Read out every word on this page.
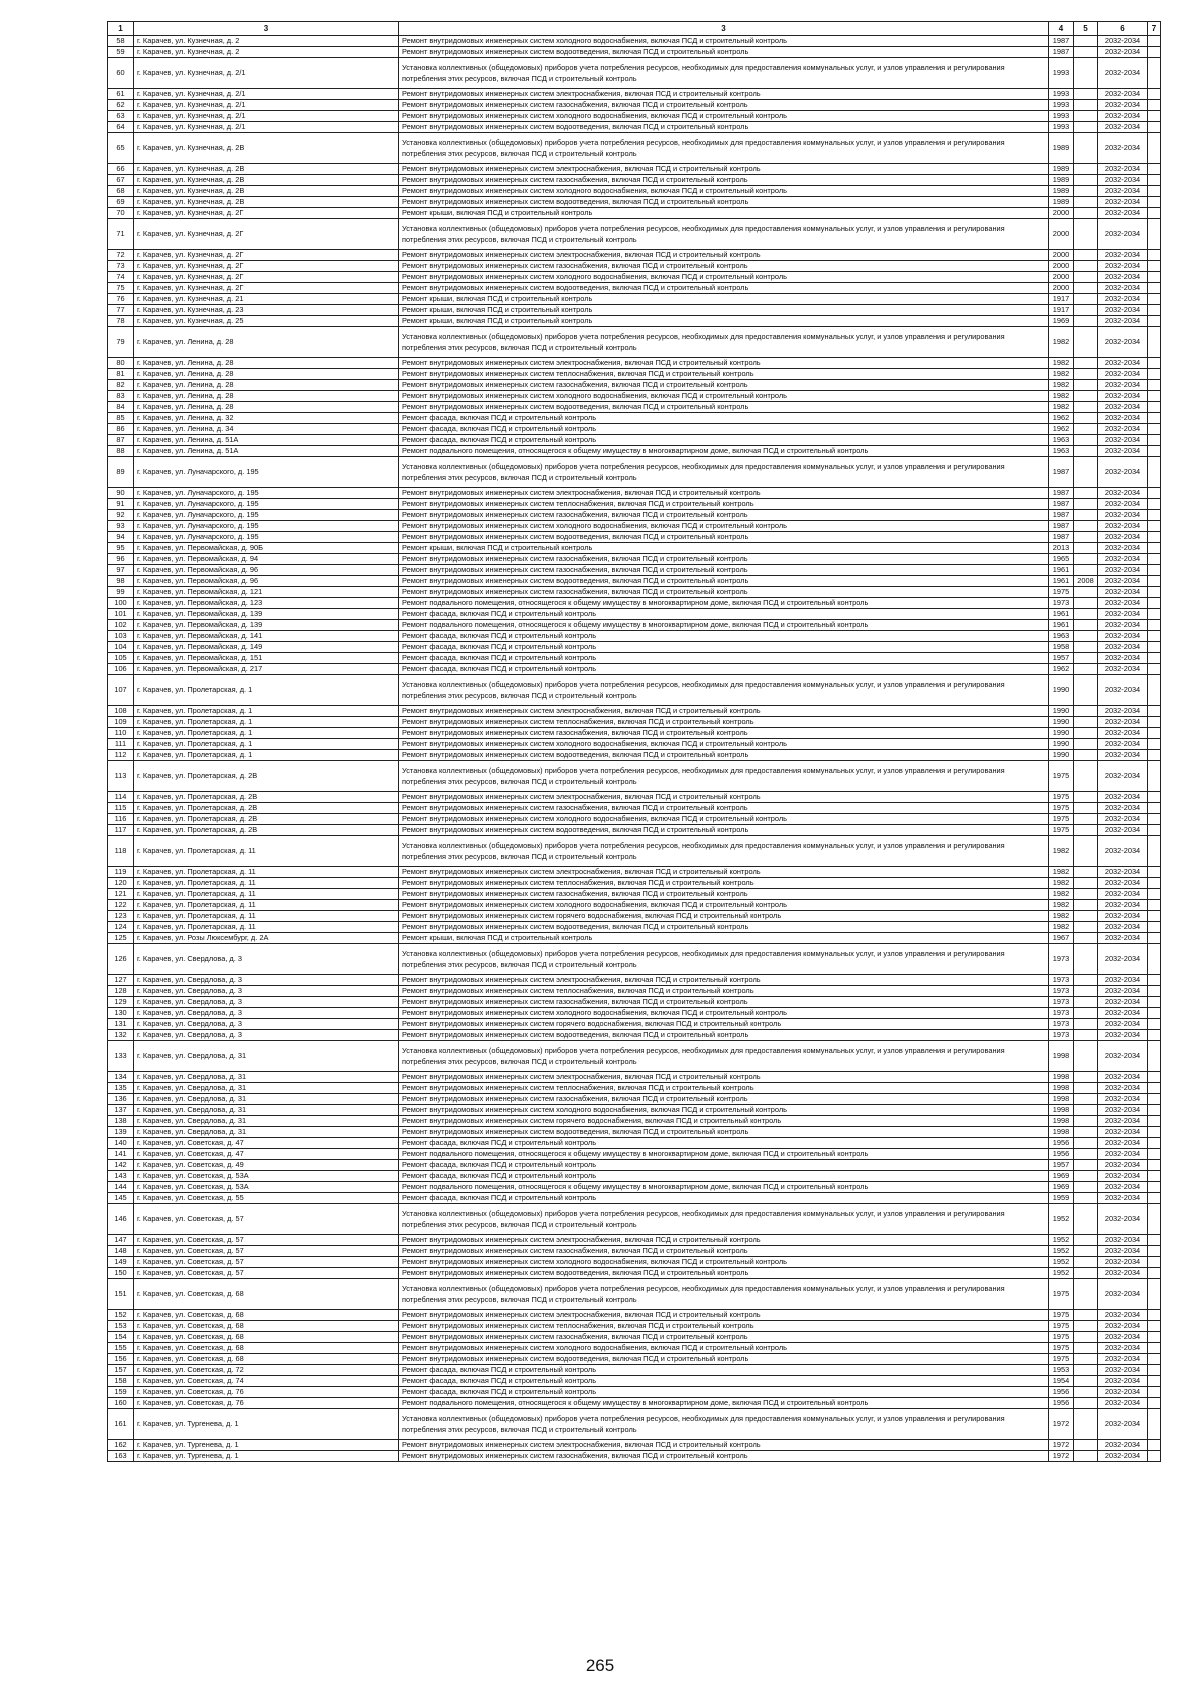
1	3	3	4	5	6	7
58	г. Карачев, ул. Кузнечная, д. 2	Ремонт внутридомовых инженерных систем холодного водоснабжения, включая ПСД и строительный контроль	1987		2032-2034	
59	г. Карачев, ул. Кузнечная, д. 2	Ремонт внутридомовых инженерных систем водоотведения, включая ПСД и строительный контроль	1987		2032-2034	
60	г. Карачев, ул. Кузнечная, д. 2/1	Установка коллективных (общедомовых) приборов учета потребления ресурсов, необходимых для предоставления коммунальных услуг, и узлов управления и регулирования потребления этих ресурсов, включая ПСД и строительный контроль	1993		2032-2034	
61	г. Карачев, ул. Кузнечная, д. 2/1	Ремонт внутридомовых инженерных систем электроснабжения, включая ПСД и строительный контроль	1993		2032-2034	
62	г. Карачев, ул. Кузнечная, д. 2/1	Ремонт внутридомовых инженерных систем газоснабжения, включая ПСД и строительный контроль	1993		2032-2034	
63	г. Карачев, ул. Кузнечная, д. 2/1	Ремонт внутридомовых инженерных систем холодного водоснабжения, включая ПСД и строительный контроль	1993		2032-2034	
64	г. Карачев, ул. Кузнечная, д. 2/1	Ремонт внутридомовых инженерных систем водоотведения, включая ПСД и строительный контроль	1993		2032-2034	
65	г. Карачев, ул. Кузнечная, д. 2В	Установка коллективных (общедомовых) приборов учета потребления ресурсов, необходимых для предоставления коммунальных услуг, и узлов управления и регулирования потребления этих ресурсов, включая ПСД и строительный контроль	1989		2032-2034	
66	г. Карачев, ул. Кузнечная, д. 2В	Ремонт внутридомовых инженерных систем электроснабжения, включая ПСД и строительный контроль	1989		2032-2034	
67	г. Карачев, ул. Кузнечная, д. 2В	Ремонт внутридомовых инженерных систем газоснабжения, включая ПСД и строительный контроль	1989		2032-2034	
68	г. Карачев, ул. Кузнечная, д. 2В	Ремонт внутридомовых инженерных систем холодного водоснабжения, включая ПСД и строительный контроль	1989		2032-2034	
69	г. Карачев, ул. Кузнечная, д. 2В	Ремонт внутридомовых инженерных систем водоотведения, включая ПСД и строительный контроль	1989		2032-2034	
70	г. Карачев, ул. Кузнечная, д. 2Г	Ремонт крыши, включая ПСД и строительный контроль	2000		2032-2034	
71	г. Карачев, ул. Кузнечная, д. 2Г	Установка коллективных (общедомовых) приборов учета потребления ресурсов, необходимых для предоставления коммунальных услуг, и узлов управления и регулирования потребления этих ресурсов, включая ПСД и строительный контроль	2000		2032-2034	
72	г. Карачев, ул. Кузнечная, д. 2Г	Ремонт внутридомовых инженерных систем электроснабжения, включая ПСД и строительный контроль	2000		2032-2034	
73	г. Карачев, ул. Кузнечная, д. 2Г	Ремонт внутридомовых инженерных систем газоснабжения, включая ПСД и строительный контроль	2000		2032-2034	
74	г. Карачев, ул. Кузнечная, д. 2Г	Ремонт внутридомовых инженерных систем холодного водоснабжения, включая ПСД и строительный контроль	2000		2032-2034	
75	г. Карачев, ул. Кузнечная, д. 2Г	Ремонт внутридомовых инженерных систем водоотведения, включая ПСД и строительный контроль	2000		2032-2034	
76	г. Карачев, ул. Кузнечная, д. 21	Ремонт крыши, включая ПСД и строительный контроль	1917		2032-2034	
77	г. Карачев, ул. Кузнечная, д. 23	Ремонт крыши, включая ПСД и строительный контроль	1917		2032-2034	
78	г. Карачев, ул. Кузнечная, д. 25	Ремонт крыши, включая ПСД и строительный контроль	1969		2032-2034	
79	г. Карачев, ул. Ленина, д. 28	Установка коллективных (общедомовых) приборов учета потребления ресурсов, необходимых для предоставления коммунальных услуг, и узлов управления и регулирования потребления этих ресурсов, включая ПСД и строительный контроль	1982		2032-2034	
80	г. Карачев, ул. Ленина, д. 28	Ремонт внутридомовых инженерных систем электроснабжения, включая ПСД и строительный контроль	1982		2032-2034	
81	г. Карачев, ул. Ленина, д. 28	Ремонт внутридомовых инженерных систем теплоснабжения, включая ПСД и строительный контроль	1982		2032-2034	
82	г. Карачев, ул. Ленина, д. 28	Ремонт внутридомовых инженерных систем газоснабжения, включая ПСД и строительный контроль	1982		2032-2034	
83	г. Карачев, ул. Ленина, д. 28	Ремонт внутридомовых инженерных систем холодного водоснабжения, включая ПСД и строительный контроль	1982		2032-2034	
84	г. Карачев, ул. Ленина, д. 28	Ремонт внутридомовых инженерных систем водоотведения, включая ПСД и строительный контроль	1982		2032-2034	
85	г. Карачев, ул. Ленина, д. 32	Ремонт фасада, включая ПСД и строительный контроль	1962		2032-2034	
86	г. Карачев, ул. Ленина, д. 34	Ремонт фасада, включая ПСД и строительный контроль	1962		2032-2034	
87	г. Карачев, ул. Ленина, д. 51А	Ремонт фасада, включая ПСД и строительный контроль	1963		2032-2034	
88	г. Карачев, ул. Ленина, д. 51А	Ремонт подвального помещения, относящегося к общему имуществу в многоквартирном доме, включая ПСД и строительный контроль	1963		2032-2034	
89	г. Карачев, ул. Луначарского, д. 195	Установка коллективных (общедомовых) приборов учета потребления ресурсов, необходимых для предоставления коммунальных услуг, и узлов управления и регулирования потребления этих ресурсов, включая ПСД и строительный контроль	1987		2032-2034	
90	г. Карачев, ул. Луначарского, д. 195	Ремонт внутридомовых инженерных систем электроснабжения, включая ПСД и строительный контроль	1987		2032-2034	
91	г. Карачев, ул. Луначарского, д. 195	Ремонт внутридомовых инженерных систем теплоснабжения, включая ПСД и строительный контроль	1987		2032-2034	
92	г. Карачев, ул. Луначарского, д. 195	Ремонт внутридомовых инженерных систем газоснабжения, включая ПСД и строительный контроль	1987		2032-2034	
93	г. Карачев, ул. Луначарского, д. 195	Ремонт внутридомовых инженерных систем холодного водоснабжения, включая ПСД и строительный контроль	1987		2032-2034	
94	г. Карачев, ул. Луначарского, д. 195	Ремонт внутридомовых инженерных систем водоотведения, включая ПСД и строительный контроль	1987		2032-2034	
95	г. Карачев, ул. Первомайская, д. 90Б	Ремонт крыши, включая ПСД и строительный контроль	2013		2032-2034	
96	г. Карачев, ул. Первомайская, д. 94	Ремонт внутридомовых инженерных систем газоснабжения, включая ПСД и строительный контроль	1965		2032-2034	
97	г. Карачев, ул. Первомайская, д. 96	Ремонт внутридомовых инженерных систем газоснабжения, включая ПСД и строительный контроль	1961		2032-2034	
98	г. Карачев, ул. Первомайская, д. 96	Ремонт внутридомовых инженерных систем водоотведения, включая ПСД и строительный контроль	1961	2008	2032-2034	
99	г. Карачев, ул. Первомайская, д. 121	Ремонт внутридомовых инженерных систем газоснабжения, включая ПСД и строительный контроль	1975		2032-2034	
100	г. Карачев, ул. Первомайская, д. 123	Ремонт подвального помещения, относящегося к общему имуществу в многоквартирном доме, включая ПСД и строительный контроль	1973		2032-2034	
101	г. Карачев, ул. Первомайская, д. 139	Ремонт фасада, включая ПСД и строительный контроль	1961		2032-2034	
102	г. Карачев, ул. Первомайская, д. 139	Ремонт подвального помещения, относящегося к общему имуществу в многоквартирном доме, включая ПСД и строительный контроль	1961		2032-2034	
103	г. Карачев, ул. Первомайская, д. 141	Ремонт фасада, включая ПСД и строительный контроль	1963		2032-2034	
104	г. Карачев, ул. Первомайская, д. 149	Ремонт фасада, включая ПСД и строительный контроль	1958		2032-2034	
105	г. Карачев, ул. Первомайская, д. 151	Ремонт фасада, включая ПСД и строительный контроль	1957		2032-2034	
106	г. Карачев, ул. Первомайская, д. 217	Ремонт фасада, включая ПСД и строительный контроль	1962		2032-2034	
107	г. Карачев, ул. Пролетарская, д. 1	Установка коллективных (общедомовых) приборов учета потребления ресурсов, необходимых для предоставления коммунальных услуг, и узлов управления и регулирования потребления этих ресурсов, включая ПСД и строительный контроль	1990		2032-2034	
108	г. Карачев, ул. Пролетарская, д. 1	Ремонт внутридомовых инженерных систем электроснабжения, включая ПСД и строительный контроль	1990		2032-2034	
109	г. Карачев, ул. Пролетарская, д. 1	Ремонт внутридомовых инженерных систем теплоснабжения, включая ПСД и строительный контроль	1990		2032-2034	
110	г. Карачев, ул. Пролетарская, д. 1	Ремонт внутридомовых инженерных систем газоснабжения, включая ПСД и строительный контроль	1990		2032-2034	
111	г. Карачев, ул. Пролетарская, д. 1	Ремонт внутридомовых инженерных систем холодного водоснабжения, включая ПСД и строительный контроль	1990		2032-2034	
112	г. Карачев, ул. Пролетарская, д. 1	Ремонт внутридомовых инженерных систем водоотведения, включая ПСД и строительный контроль	1990		2032-2034	
113	г. Карачев, ул. Пролетарская, д. 2В	Установка коллективных (общедомовых) приборов учета потребления ресурсов, необходимых для предоставления коммунальных услуг, и узлов управления и регулирования потребления этих ресурсов, включая ПСД и строительный контроль	1975		2032-2034	
114	г. Карачев, ул. Пролетарская, д. 2В	Ремонт внутридомовых инженерных систем электроснабжения, включая ПСД и строительный контроль	1975		2032-2034	
115	г. Карачев, ул. Пролетарская, д. 2В	Ремонт внутридомовых инженерных систем газоснабжения, включая ПСД и строительный контроль	1975		2032-2034	
116	г. Карачев, ул. Пролетарская, д. 2В	Ремонт внутридомовых инженерных систем холодного водоснабжения, включая ПСД и строительный контроль	1975		2032-2034	
117	г. Карачев, ул. Пролетарская, д. 2В	Ремонт внутридомовых инженерных систем водоотведения, включая ПСД и строительный контроль	1975		2032-2034	
118	г. Карачев, ул. Пролетарская, д. 11	Установка коллективных (общедомовых) приборов учета потребления ресурсов, необходимых для предоставления коммунальных услуг, и узлов управления и регулирования потребления этих ресурсов, включая ПСД и строительный контроль	1982		2032-2034	
119	г. Карачев, ул. Пролетарская, д. 11	Ремонт внутридомовых инженерных систем электроснабжения, включая ПСД и строительный контроль	1982		2032-2034	
120	г. Карачев, ул. Пролетарская, д. 11	Ремонт внутридомовых инженерных систем теплоснабжения, включая ПСД и строительный контроль	1982		2032-2034	
121	г. Карачев, ул. Пролетарская, д. 11	Ремонт внутридомовых инженерных систем газоснабжения, включая ПСД и строительный контроль	1982		2032-2034	
122	г. Карачев, ул. Пролетарская, д. 11	Ремонт внутридомовых инженерных систем холодного водоснабжения, включая ПСД и строительный контроль	1982		2032-2034	
123	г. Карачев, ул. Пролетарская, д. 11	Ремонт внутридомовых инженерных систем горячего водоснабжения, включая ПСД и строительный контроль	1982		2032-2034	
124	г. Карачев, ул. Пролетарская, д. 11	Ремонт внутридомовых инженерных систем водоотведения, включая ПСД и строительный контроль	1982		2032-2034	
125	г. Карачев, ул. Розы Люксембург, д. 2А	Ремонт крыши, включая ПСД и строительный контроль	1967		2032-2034	
126	г. Карачев, ул. Свердлова, д. 3	Установка коллективных (общедомовых) приборов учета потребления ресурсов, необходимых для предоставления коммунальных услуг, и узлов управления и регулирования потребления этих ресурсов, включая ПСД и строительный контроль	1973		2032-2034	
127	г. Карачев, ул. Свердлова, д. 3	Ремонт внутридомовых инженерных систем электроснабжения, включая ПСД и строительный контроль	1973		2032-2034	
128	г. Карачев, ул. Свердлова, д. 3	Ремонт внутридомовых инженерных систем теплоснабжения, включая ПСД и строительный контроль	1973		2032-2034	
129	г. Карачев, ул. Свердлова, д. 3	Ремонт внутридомовых инженерных систем газоснабжения, включая ПСД и строительный контроль	1973		2032-2034	
130	г. Карачев, ул. Свердлова, д. 3	Ремонт внутридомовых инженерных систем холодного водоснабжения, включая ПСД и строительный контроль	1973		2032-2034	
131	г. Карачев, ул. Свердлова, д. 3	Ремонт внутридомовых инженерных систем горячего водоснабжения, включая ПСД и строительный контроль	1973		2032-2034	
132	г. Карачев, ул. Свердлова, д. 3	Ремонт внутридомовых инженерных систем водоотведения, включая ПСД и строительный контроль	1973		2032-2034	
133	г. Карачев, ул. Свердлова, д. 31	Установка коллективных (общедомовых) приборов учета потребления ресурсов, необходимых для предоставления коммунальных услуг, и узлов управления и регулирования потребления этих ресурсов, включая ПСД и строительный контроль	1998		2032-2034	
134	г. Карачев, ул. Свердлова, д. 31	Ремонт внутридомовых инженерных систем электроснабжения, включая ПСД и строительный контроль	1998		2032-2034	
135	г. Карачев, ул. Свердлова, д. 31	Ремонт внутридомовых инженерных систем теплоснабжения, включая ПСД и строительный контроль	1998		2032-2034	
136	г. Карачев, ул. Свердлова, д. 31	Ремонт внутридомовых инженерных систем газоснабжения, включая ПСД и строительный контроль	1998		2032-2034	
137	г. Карачев, ул. Свердлова, д. 31	Ремонт внутридомовых инженерных систем холодного водоснабжения, включая ПСД и строительный контроль	1998		2032-2034	
138	г. Карачев, ул. Свердлова, д. 31	Ремонт внутридомовых инженерных систем горячего водоснабжения, включая ПСД и строительный контроль	1998		2032-2034	
139	г. Карачев, ул. Свердлова, д. 31	Ремонт внутридомовых инженерных систем водоотведения, включая ПСД и строительный контроль	1998		2032-2034	
140	г. Карачев, ул. Советская, д. 47	Ремонт фасада, включая ПСД и строительный контроль	1956		2032-2034	
141	г. Карачев, ул. Советская, д. 47	Ремонт подвального помещения, относящегося к общему имуществу в многоквартирном доме, включая ПСД и строительный контроль	1956		2032-2034	
142	г. Карачев, ул. Советская, д. 49	Ремонт фасада, включая ПСД и строительный контроль	1957		2032-2034	
143	г. Карачев, ул. Советская, д. 53А	Ремонт фасада, включая ПСД и строительный контроль	1969		2032-2034	
144	г. Карачев, ул. Советская, д. 53А	Ремонт подвального помещения, относящегося к общему имуществу в многоквартирном доме, включая ПСД и строительный контроль	1969		2032-2034	
145	г. Карачев, ул. Советская, д. 55	Ремонт фасада, включая ПСД и строительный контроль	1959		2032-2034	
146	г. Карачев, ул. Советская, д. 57	Установка коллективных (общедомовых) приборов учета потребления ресурсов, необходимых для предоставления коммунальных услуг, и узлов управления и регулирования потребления этих ресурсов, включая ПСД и строительный контроль	1952		2032-2034	
147	г. Карачев, ул. Советская, д. 57	Ремонт внутридомовых инженерных систем электроснабжения, включая ПСД и строительный контроль	1952		2032-2034	
148	г. Карачев, ул. Советская, д. 57	Ремонт внутридомовых инженерных систем газоснабжения, включая ПСД и строительный контроль	1952		2032-2034	
149	г. Карачев, ул. Советская, д. 57	Ремонт внутридомовых инженерных систем холодного водоснабжения, включая ПСД и строительный контроль	1952		2032-2034	
150	г. Карачев, ул. Советская, д. 57	Ремонт внутридомовых инженерных систем водоотведения, включая ПСД и строительный контроль	1952		2032-2034	
151	г. Карачев, ул. Советская, д. 68	Установка коллективных (общедомовых) приборов учета потребления ресурсов, необходимых для предоставления коммунальных услуг, и узлов управления и регулирования потребления этих ресурсов, включая ПСД и строительный контроль	1975		2032-2034	
152	г. Карачев, ул. Советская, д. 68	Ремонт внутридомовых инженерных систем электроснабжения, включая ПСД и строительный контроль	1975		2032-2034	
153	г. Карачев, ул. Советская, д. 68	Ремонт внутридомовых инженерных систем теплоснабжения, включая ПСД и строительный контроль	1975		2032-2034	
154	г. Карачев, ул. Советская, д. 68	Ремонт внутридомовых инженерных систем газоснабжения, включая ПСД и строительный контроль	1975		2032-2034	
155	г. Карачев, ул. Советская, д. 68	Ремонт внутридомовых инженерных систем холодного водоснабжения, включая ПСД и строительный контроль	1975		2032-2034	
156	г. Карачев, ул. Советская, д. 68	Ремонт внутридомовых инженерных систем водоотведения, включая ПСД и строительный контроль	1975		2032-2034	
157	г. Карачев, ул. Советская, д. 72	Ремонт фасада, включая ПСД и строительный контроль	1953		2032-2034	
158	г. Карачев, ул. Советская, д. 74	Ремонт фасада, включая ПСД и строительный контроль	1954		2032-2034	
159	г. Карачев, ул. Советская, д. 76	Ремонт фасада, включая ПСД и строительный контроль	1956		2032-2034	
160	г. Карачев, ул. Советская, д. 76	Ремонт подвального помещения, относящегося к общему имуществу в многоквартирном доме, включая ПСД и строительный контроль	1956		2032-2034	
161	г. Карачев, ул. Тургенева, д. 1	Установка коллективных (общедомовых) приборов учета потребления ресурсов, необходимых для предоставления коммунальных услуг, и узлов управления и регулирования потребления этих ресурсов, включая ПСД и строительный контроль	1972		2032-2034	
162	г. Карачев, ул. Тургенева, д. 1	Ремонт внутридомовых инженерных систем электроснабжения, включая ПСД и строительный контроль	1972		2032-2034	
163	г. Карачев, ул. Тургенева, д. 1	Ремонт внутридомовых инженерных систем газоснабжения, включая ПСД и строительный контроль	1972		2032-2034	
265
